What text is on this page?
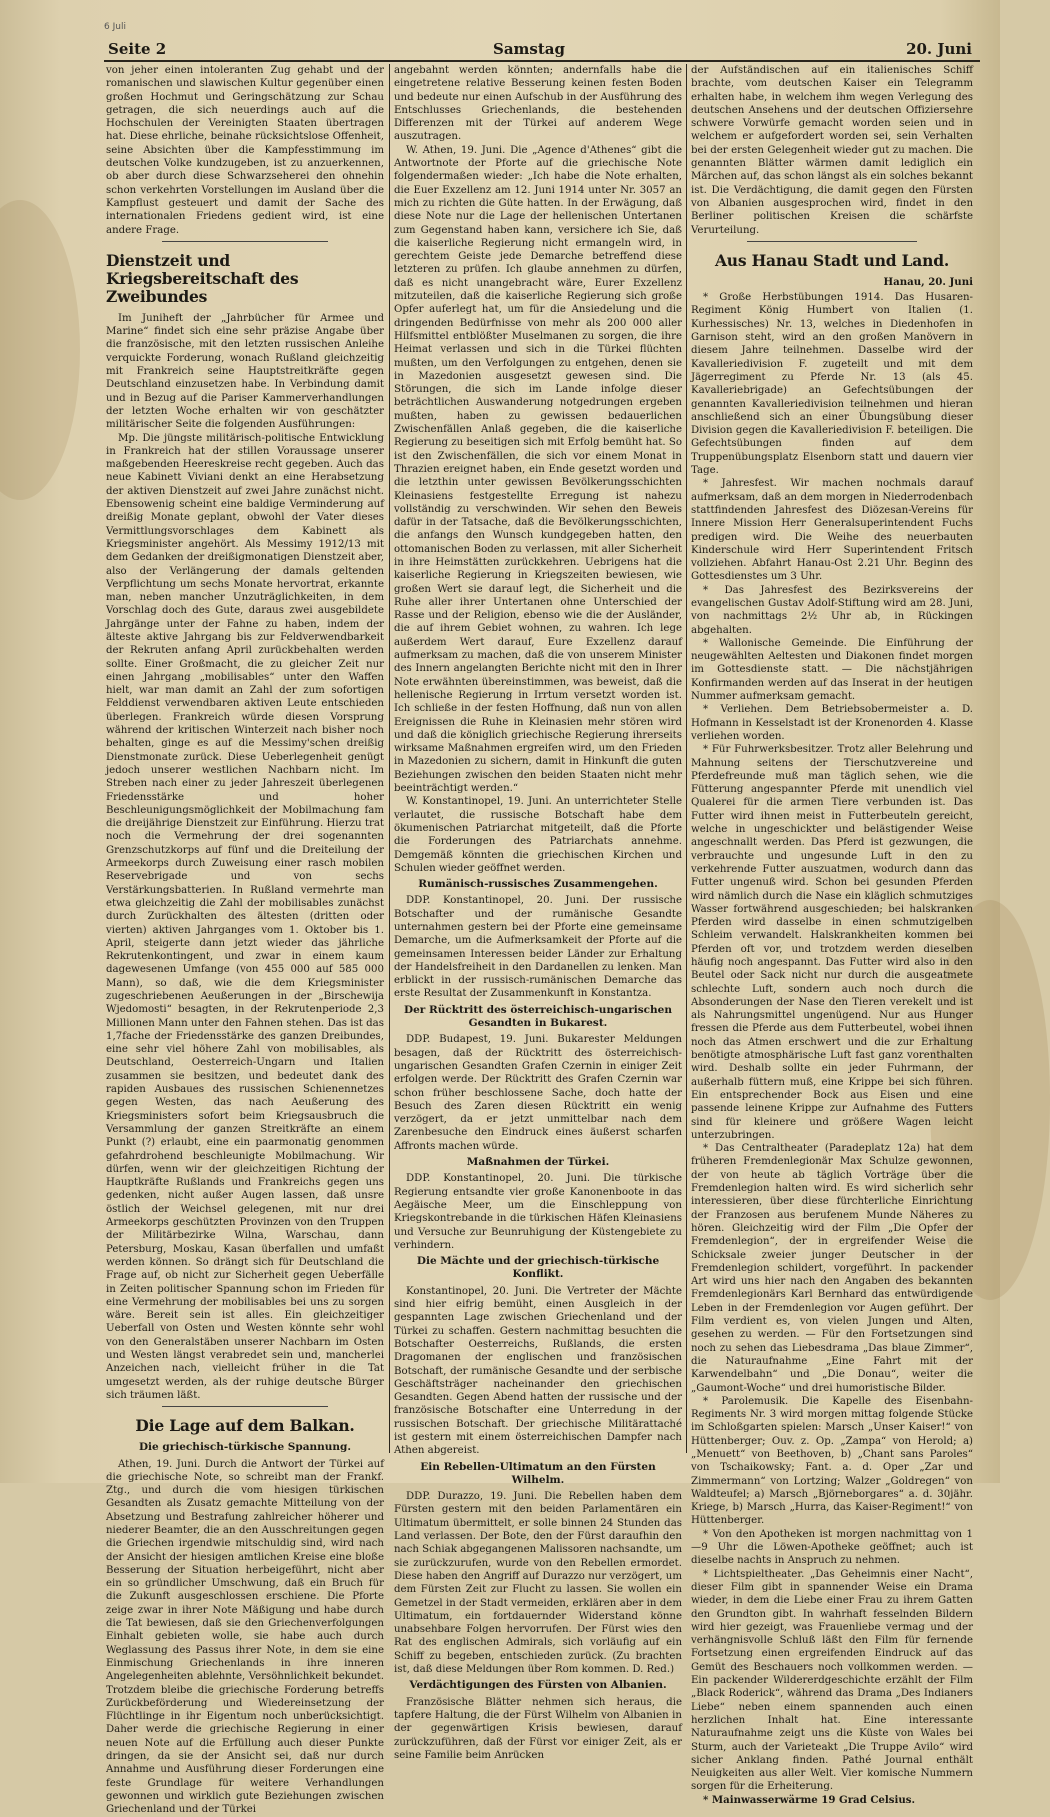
6 Juli
Seite 2	Samstag	20. Juni

von jeher einen intoleranten Zug gehabt und der romanischen und slawischen Kultur gegenüber einen großen Hochmut und Geringschätzung zur Schau getragen, die sich neuerdings auch auf die Hochschulen der Vereinigten Staaten übertragen hat. Diese ehrliche, beinahe rücksichtslose Offenheit, seine Absichten über die Kampfesstimmung im deutschen Volke kundzugeben, ist zu anzuerkennen, ob aber durch diese Schwarzseherei den ohnehin schon verkehrten Vorstellungen im Ausland über die Kampflust gesteuert und damit der Sache des internationalen Friedens gedient wird, ist eine andere Frage.

Dienstzeit und Kriegsbereitschaft des Zweibundes

Im Juniheft der „Jahrbücher für Armee und Marine“ findet sich eine sehr präzise Angabe über die französische, mit den letzten russischen Anleihe verquickte Forderung, wonach Rußland gleichzeitig mit Frankreich seine Hauptstreitkräfte gegen Deutschland einzusetzen habe. In Verbindung damit und in Bezug auf die Pariser Kammerverhandlungen der letzten Woche erhalten wir von geschätzter militärischer Seite die folgenden Ausführungen:

Mp. Die jüngste militärisch-politische Entwicklung in Frankreich hat der stillen Voraussage unserer maßgebenden Heereskreise recht gegeben. Auch das neue Kabinett Viviani denkt an eine Herabsetzung der aktiven Dienstzeit auf zwei Jahre zunächst nicht. Ebensowenig scheint eine baldige Verminderung auf dreißig Monate geplant, obwohl der Vater dieses Vermittlungsvorschlages dem Kabinett als Kriegsminister angehört. Als Messimy 1912/13 mit dem Gedanken der dreißigmonatigen Dienstzeit aber, also der Verlängerung der damals geltenden Verpflichtung um sechs Monate hervortrat, erkannte man, neben mancher Unzuträglichkeiten, in dem Vorschlag doch des Gute, daraus zwei ausgebildete Jahrgänge unter der Fahne zu haben, indem der älteste aktive Jahrgang bis zur Feldverwendbarkeit der Rekruten anfang April zurückbehalten werden sollte. Einer Großmacht, die zu gleicher Zeit nur einen Jahrgang „mobilisables“ unter den Waffen hielt, war man damit an Zahl der zum sofortigen Felddienst verwendbaren aktiven Leute entschieden überlegen. Frankreich würde diesen Vorsprung während der kritischen Winterzeit nach bisher noch behalten, ginge es auf die Messimy'schen dreißig Dienstmonate zurück. Diese Ueberlegenheit genügt jedoch unserer westlichen Nachbarn nicht. Im Streben nach einer zu jeder Jahreszeit überlegenen Friedensstärke und hoher Beschleunigungsmöglichkeit der Mobilmachung fam die dreijährige Dienstzeit zur Einführung. Hierzu trat noch die Vermehrung der drei sogenannten Grenzschutzkorps auf fünf und die Dreiteilung der Armeekorps durch Zuweisung einer rasch mobilen Reservebrigade und von sechs Verstärkungsbatterien. In Rußland vermehrte man etwa gleichzeitig die Zahl der mobilisables zunächst durch Zurückhalten des ältesten (dritten oder vierten) aktiven Jahrganges vom 1. Oktober bis 1. April, steigerte dann jetzt wieder das jährliche Rekrutenkontingent, und zwar in einem kaum dagewesenen Umfange (von 455 000 auf 585 000 Mann), so daß, wie die dem Kriegsminister zugeschriebenen Aeußerungen in der „Birschewija Wjedomosti“ besagten, in der Rekrutenperiode 2,3 Millionen Mann unter den Fahnen stehen. Das ist das 1,7fache der Friedensstärke des ganzen Dreibundes, eine sehr viel höhere Zahl von mobilisables, als Deutschland, Oesterreich-Ungarn und Italien zusammen sie besitzen, und bedeutet dank des rapiden Ausbaues des russischen Schienennetzes gegen Westen, das nach Aeußerung des Kriegsministers sofort beim Kriegsausbruch die Versammlung der ganzen Streitkräfte an einem Punkt (?) erlaubt, eine ein paarmonatig genommen gefahrdrohend beschleunigte Mobilmachung. Wir dürfen, wenn wir der gleichzeitigen Richtung der Hauptkräfte Rußlands und Frankreichs gegen uns gedenken, nicht außer Augen lassen, daß unsre östlich der Weichsel gelegenen, mit nur drei Armeekorps geschützten Provinzen von den Truppen der Militärbezirke Wilna, Warschau, dann Petersburg, Moskau, Kasan überfallen und umfaßt werden können. So drängt sich für Deutschland die Frage auf, ob nicht zur Sicherheit gegen Ueberfälle in Zeiten politischer Spannung schon im Frieden für eine Vermehrung der mobilisables bei uns zu sorgen wäre. Bereit sein ist alles. Ein gleichzeitiger Ueberfall von Osten und Westen könnte sehr wohl von den Generalstäben unserer Nachbarn im Osten und Westen längst verabredet sein und, mancherlei Anzeichen nach, vielleicht früher in die Tat umgesetzt werden, als der ruhige deutsche Bürger sich träumen läßt.

Die Lage auf dem Balkan.
Die griechisch-türkische Spannung.

Athen, 19. Juni. Durch die Antwort der Türkei auf die griechische Note, so schreibt man der Frankf. Ztg., und durch die vom hiesigen türkischen Gesandten als Zusatz gemachte Mitteilung von der Absetzung und Bestrafung zahlreicher höherer und niederer Beamter, die an den Ausschreitungen gegen die Griechen irgendwie mitschuldig sind, wird nach der Ansicht der hiesigen amtlichen Kreise eine bloße Besserung der Situation herbeigeführt, nicht aber ein so gründlicher Umschwung, daß ein Bruch für die Zukunft ausgeschlossen erschiene. Die Pforte zeige zwar in ihrer Note Mäßigung und habe durch die Tat bewiesen, daß sie den Griechenverfolgungen Einhalt gebieten wolle, sie habe auch durch Weglassung des Passus ihrer Note, in dem sie eine Einmischung Griechenlands in ihre inneren Angelegenheiten ablehnte, Versöhnlichkeit bekundet. Trotzdem bleibe die griechische Forderung betreffs Zurückbeförderung und Wiedereinsetzung der Flüchtlinge in ihr Eigentum noch unberücksichtigt. Daher werde die griechische Regierung in einer neuen Note auf die Erfüllung auch dieser Punkte dringen, da sie der Ansicht sei, daß nur durch Annahme und Ausführung dieser Forderungen eine feste Grundlage für weitere Verhandlungen gewonnen und wirklich gute Beziehungen zwischen Griechenland und der Türkei

angebahnt werden könnten; andernfalls habe die eingetretene relative Besserung keinen festen Boden und bedeute nur einen Aufschub in der Ausführung des Entschlusses Griechenlands, die bestehenden Differenzen mit der Türkei auf anderem Wege auszutragen.

W. Athen, 19. Juni. Die „Agence d'Athenes“ gibt die Antwortnote der Pforte auf die griechische Note folgendermaßen wieder: „Ich habe die Note erhalten, die Euer Exzellenz am 12. Juni 1914 unter Nr. 3057 an mich zu richten die Güte hatten. In der Erwägung, daß diese Note nur die Lage der hellenischen Untertanen zum Gegenstand haben kann, versichere ich Sie, daß die kaiserliche Regierung nicht ermangeln wird, in gerechtem Geiste jede Demarche betreffend diese letzteren zu prüfen. Ich glaube annehmen zu dürfen, daß es nicht unangebracht wäre, Eurer Exzellenz mitzuteilen, daß die kaiserliche Regierung sich große Opfer auferlegt hat, um für die Ansiedelung und die dringenden Bedürfnisse von mehr als 200 000 aller Hilfsmittel entblößter Muselmanen zu sorgen, die ihre Heimat verlassen und sich in die Türkei flüchten mußten, um den Verfolgungen zu entgehen, denen sie in Mazedonien ausgesetzt gewesen sind. Die Störungen, die sich im Lande infolge dieser beträchtlichen Auswanderung notgedrungen ergeben mußten, haben zu gewissen bedauerlichen Zwischenfällen Anlaß gegeben, die die kaiserliche Regierung zu beseitigen sich mit Erfolg bemüht hat. So ist den Zwischenfällen, die sich vor einem Monat in Thrazien ereignet haben, ein Ende gesetzt worden und die letzthin unter gewissen Bevölkerungsschichten Kleinasiens festgestellte Erregung ist nahezu vollständig zu verschwinden. Wir sehen den Beweis dafür in der Tatsache, daß die Bevölkerungsschichten, die anfangs den Wunsch kundgegeben hatten, den ottomanischen Boden zu verlassen, mit aller Sicherheit in ihre Heimstätten zurückkehren. Uebrigens hat die kaiserliche Regierung in Kriegszeiten bewiesen, wie großen Wert sie darauf legt, die Sicherheit und die Ruhe aller ihrer Untertanen ohne Unterschied der Rasse und der Religion, ebenso wie die der Ausländer, die auf ihrem Gebiet wohnen, zu wahren. Ich lege außerdem Wert darauf, Eure Exzellenz darauf aufmerksam zu machen, daß die von unserem Minister des Innern angelangten Berichte nicht mit den in Ihrer Note erwähnten übereinstimmen, was beweist, daß die hellenische Regierung in Irrtum versetzt worden ist. Ich schließe in der festen Hoffnung, daß nun von allen Ereignissen die Ruhe in Kleinasien mehr stören wird und daß die königlich griechische Regierung ihrerseits wirksame Maßnahmen ergreifen wird, um den Frieden in Mazedonien zu sichern, damit in Hinkunft die guten Beziehungen zwischen den beiden Staaten nicht mehr beeinträchtigt werden.“

W. Konstantinopel, 19. Juni. An unterrichteter Stelle verlautet, die russische Botschaft habe dem ökumenischen Patriarchat mitgeteilt, daß die Pforte die Forderungen des Patriarchats annehme. Demgemäß könnten die griechischen Kirchen und Schulen wieder geöffnet werden.

Rumänisch-russisches Zusammengehen.

DDP. Konstantinopel, 20. Juni. Der russische Botschafter und der rumänische Gesandte unternahmen gestern bei der Pforte eine gemeinsame Demarche, um die Aufmerksamkeit der Pforte auf die gemeinsamen Interessen beider Länder zur Erhaltung der Handelsfreiheit in den Dardanellen zu lenken. Man erblickt in der russisch-rumänischen Demarche das erste Resultat der Zusammenkunft in Konstantza.

Der Rücktritt des österreichisch-ungarischen Gesandten in Bukarest.

DDP. Budapest, 19. Juni. Bukarester Meldungen besagen, daß der Rücktritt des österreichisch-ungarischen Gesandten Grafen Czernin in einiger Zeit erfolgen werde. Der Rücktritt des Grafen Czernin war schon früher beschlossene Sache, doch hatte der Besuch des Zaren diesen Rücktritt ein wenig verzögert, da er jetzt unmittelbar nach dem Zarenbesuche den Eindruck eines äußerst scharfen Affronts machen würde.

Maßnahmen der Türkei.

DDP. Konstantinopel, 20. Juni. Die türkische Regierung entsandte vier große Kanonenboote in das Aegäische Meer, um die Einschleppung von Kriegskontrebande in die türkischen Häfen Kleinasiens und Versuche zur Beunruhigung der Küstengebiete zu verhindern.

Die Mächte und der griechisch-türkische Konflikt.

Konstantinopel, 20. Juni. Die Vertreter der Mächte sind hier eifrig bemüht, einen Ausgleich in der gespannten Lage zwischen Griechenland und der Türkei zu schaffen. Gestern nachmittag besuchten die Botschafter Oesterreichs, Rußlands, die ersten Dragomanen der englischen und französischen Botschaft, der rumänische Gesandte und der serbische Geschäftsträger nacheinander den griechischen Gesandten. Gegen Abend hatten der russische und der französische Botschafter eine Unterredung in der russischen Botschaft. Der griechische Militärattaché ist gestern mit einem österreichischen Dampfer nach Athen abgereist.

Ein Rebellen-Ultimatum an den Fürsten Wilhelm.

DDP. Durazzo, 19. Juni. Die Rebellen haben dem Fürsten gestern mit den beiden Parlamentären ein Ultimatum übermittelt, er solle binnen 24 Stunden das Land verlassen. Der Bote, den der Fürst daraufhin den nach Schiak abgegangenen Malissoren nachsandte, um sie zurückzurufen, wurde von den Rebellen ermordet. Diese haben den Angriff auf Durazzo nur verzögert, um dem Fürsten Zeit zur Flucht zu lassen. Sie wollen ein Gemetzel in der Stadt vermeiden, erklären aber in dem Ultimatum, ein fortdauernder Widerstand könne unabsehbare Folgen hervorrufen. Der Fürst wies den Rat des englischen Admirals, sich vorläufig auf ein Schiff zu begeben, entschieden zurück. (Zu brachten ist, daß diese Meldungen über Rom kommen. D. Red.)

Verdächtigungen des Fürsten von Albanien.

Französische Blätter nehmen sich heraus, die tapfere Haltung, die der Fürst Wilhelm von Albanien in der gegenwärtigen Krisis bewiesen, darauf zurückzuführen, daß der Fürst vor einiger Zeit, als er seine Familie beim Anrücken

der Aufständischen auf ein italienisches Schiff brachte, vom deutschen Kaiser ein Telegramm erhalten habe, in welchem ihm wegen Verlegung des deutschen Ansehens und der deutschen Offiziersehre schwere Vorwürfe gemacht worden seien und in welchem er aufgefordert worden sei, sein Verhalten bei der ersten Gelegenheit wieder gut zu machen. Die genannten Blätter wärmen damit lediglich ein Märchen auf, das schon längst als ein solches bekannt ist. Die Verdächtigung, die damit gegen den Fürsten von Albanien ausgesprochen wird, findet in den Berliner politischen Kreisen die schärfste Verurteilung.

Aus Hanau Stadt und Land.
Hanau, 20. Juni

* Große Herbstübungen 1914. Das Husaren-Regiment König Humbert von Italien (1. Kurhessisches) Nr. 13, welches in Diedenhofen in Garnison steht, wird an den großen Manövern in diesem Jahre teilnehmen. Dasselbe wird der Kavalleriedivision F. zugeteilt und mit dem Jägerregiment zu Pferde Nr. 13 (als 45. Kavalleriebrigade) an Gefechtsübungen der genannten Kavalleriedivision teilnehmen und hieran anschließend sich an einer Übungsübung dieser Division gegen die Kavalleriedivision F. beteiligen. Die Gefechtsübungen finden auf dem Truppenübungsplatz Elsenborn statt und dauern vier Tage.

* Jahresfest. Wir machen nochmals darauf aufmerksam, daß an dem morgen in Niederrodenbach stattfindenden Jahresfest des Diözesan-Vereins für Innere Mission Herr Generalsuperintendent Fuchs predigen wird. Die Weihe des neuerbauten Kinderschule wird Herr Superintendent Fritsch vollziehen. Abfahrt Hanau-Ost 2.21 Uhr. Beginn des Gottesdienstes um 3 Uhr.

* Das Jahresfest des Bezirksvereins der evangelischen Gustav Adolf-Stiftung wird am 28. Juni, von nachmittags 2½ Uhr ab, in Rückingen abgehalten.

* Wallonische Gemeinde. Die Einführung der neugewählten Aeltesten und Diakonen findet morgen im Gottesdienste statt. — Die nächstjährigen Konfirmanden werden auf das Inserat in der heutigen Nummer aufmerksam gemacht.

* Verliehen. Dem Betriebsobermeister a. D. Hofmann in Kesselstadt ist der Kronenorden 4. Klasse verliehen worden.

* Für Fuhrwerksbesitzer. Trotz aller Belehrung und Mahnung seitens der Tierschutzvereine und Pferdefreunde muß man täglich sehen, wie die Fütterung angespannter Pferde mit unendlich viel Qualerei für die armen Tiere verbunden ist. Das Futter wird ihnen meist in Futterbeuteln gereicht, welche in ungeschickter und belästigender Weise angeschnallt werden. Das Pferd ist gezwungen, die verbrauchte und ungesunde Luft in den zu verkehrende Futter auszuatmen, wodurch dann das Futter ungenuß wird. Schon bei gesunden Pferden wird nämlich durch die Nase ein kläglich schmutziges Wasser fortwährend ausgeschieden; bei halskranken Pferden wird dasselbe in einen schmutzigelben Schleim verwandelt. Halskrankheiten kommen bei Pferden oft vor, und trotzdem werden dieselben häufig noch angespannt. Das Futter wird also in den Beutel oder Sack nicht nur durch die ausgeatmete schlechte Luft, sondern auch noch durch die Absonderungen der Nase den Tieren verekelt und ist als Nahrungsmittel ungenügend. Nur aus Hunger fressen die Pferde aus dem Futterbeutel, wobei ihnen noch das Atmen erschwert und die zur Erhaltung benötigte atmosphärische Luft fast ganz vorenthalten wird. Deshalb sollte ein jeder Fuhrmann, der außerhalb füttern muß, eine Krippe bei sich führen. Ein entsprechender Bock aus Eisen und eine passende leinene Krippe zur Aufnahme des Futters sind für kleinere und größere Wagen leicht unterzubringen.

* Das Centraltheater (Paradeplatz 12a) hat dem früheren Fremdenlegionär Max Schulze gewonnen, der von heute ab täglich Vorträge über die Fremdenlegion halten wird. Es wird sicherlich sehr interessieren, über diese fürchterliche Einrichtung der Franzosen aus berufenem Munde Näheres zu hören. Gleichzeitig wird der Film „Die Opfer der Fremdenlegion“, der in ergreifender Weise die Schicksale zweier junger Deutscher in der Fremdenlegion schildert, vorgeführt. In packender Art wird uns hier nach den Angaben des bekannten Fremdenlegionärs Karl Bernhard das entwürdigende Leben in der Fremdenlegion vor Augen geführt. Der Film verdient es, von vielen Jungen und Alten, gesehen zu werden. — Für den Fortsetzungen sind noch zu sehen das Liebesdrama „Das blaue Zimmer“, die Naturaufnahme „Eine Fahrt mit der Karwendelbahn“ und „Die Donau“, weiter die „Gaumont-Woche“ und drei humoristische Bilder.

* Parolemusik. Die Kapelle des Eisenbahn-Regiments Nr. 3 wird morgen mittag folgende Stücke im Schloßgarten spielen: Marsch „Unser Kaiser!“ von Hüttenberger; Ouv. z. Op. „Zampa“ von Herold; a) „Menuett“ von Beethoven, b) „Chant sans Paroles“ von Tschaikowsky; Fant. a. d. Oper „Zar und Zimmermann“ von Lortzing; Walzer „Goldregen“ von Waldteufel; a) Marsch „Björneborgares“ a. d. 30jähr. Kriege, b) Marsch „Hurra, das Kaiser-Regiment!“ von Hüttenberger.

* Von den Apotheken ist morgen nachmittag von 1—9 Uhr die Löwen-Apotheke geöffnet; auch ist dieselbe nachts in Anspruch zu nehmen.

* Lichtspieltheater. „Das Geheimnis einer Nacht“, dieser Film gibt in spannender Weise ein Drama wieder, in dem die Liebe einer Frau zu ihrem Gatten den Grundton gibt. In wahrhaft fesselnden Bildern wird hier gezeigt, was Frauenliebe vermag und der verhängnisvolle Schluß läßt den Film für fernende Fortsetzung einen ergreifenden Eindruck auf das Gemüt des Beschauers noch vollkommen werden. — Ein packender Wildererdgeschichte erzählt der Film „Black Roderick“, während das Drama „Des Indianers Liebe“ neben einem spannenden auch einen herzlichen Inhalt hat. Eine interessante Naturaufnahme zeigt uns die Küste von Wales bei Sturm, auch der Varieteakt „Die Truppe Avilo“ wird sicher Anklang finden. Pathé Journal enthält Neuigkeiten aus aller Welt. Vier komische Nummern sorgen für die Erheiterung.

* Mainwasserwärme 19 Grad Celsius.
